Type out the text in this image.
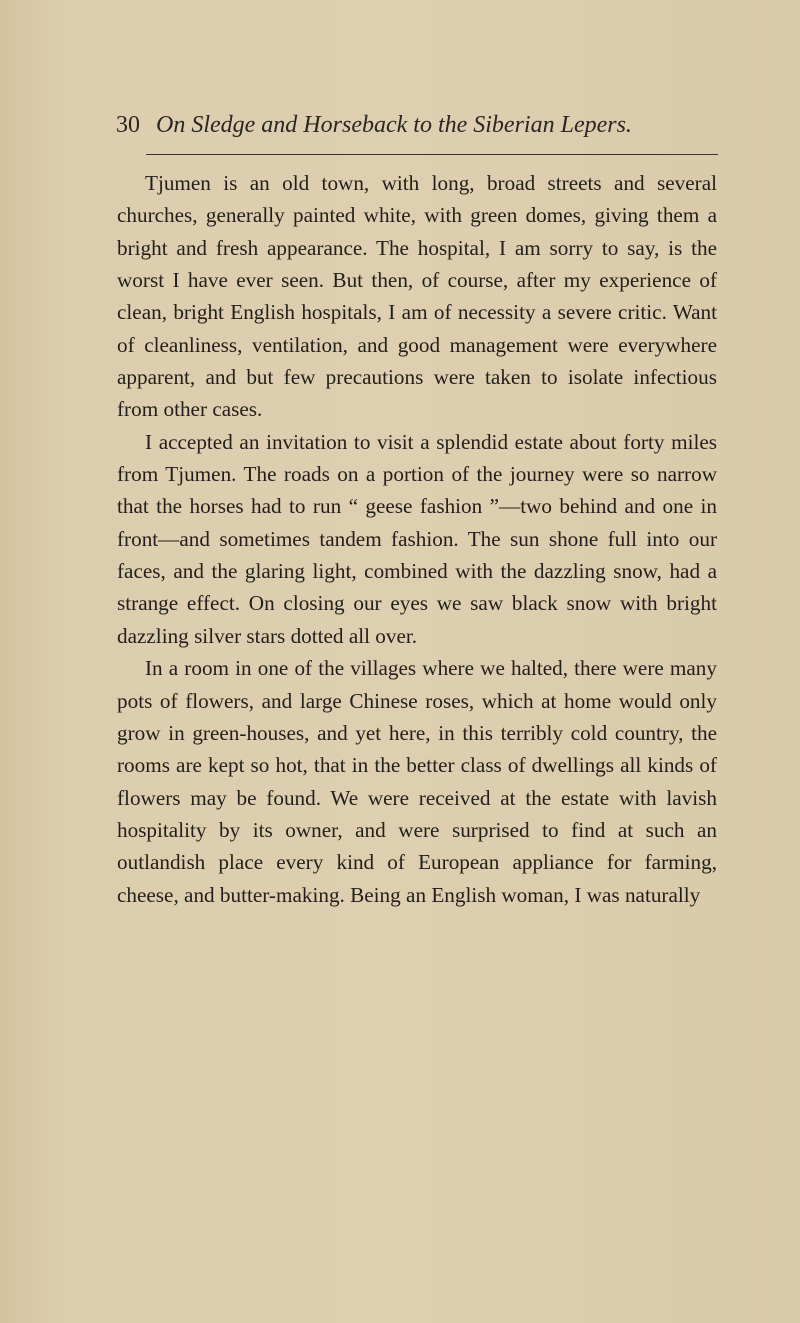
30 On Sledge and Horseback to the Siberian Lepers.

Tjumen is an old town, with long, broad streets and several churches, generally painted white, with green domes, giving them a bright and fresh appearance. The hospital, I am sorry to say, is the worst I have ever seen. But then, of course, after my experience of clean, bright English hospitals, I am of necessity a severe critic. Want of cleanliness, ventilation, and good management were everywhere apparent, and but few precautions were taken to isolate infectious from other cases.

I accepted an invitation to visit a splendid estate about forty miles from Tjumen. The roads on a portion of the journey were so narrow that the horses had to run “ geese fashion ”—two behind and one in front—and sometimes tandem fashion. The sun shone full into our faces, and the glaring light, combined with the dazzling snow, had a strange effect. On closing our eyes we saw black snow with bright dazzling silver stars dotted all over.

In a room in one of the villages where we halted, there were many pots of flowers, and large Chinese roses, which at home would only grow in green-houses, and yet here, in this terribly cold country, the rooms are kept so hot, that in the better class of dwellings all kinds of flowers may be found. We were received at the estate with lavish hospitality by its owner, and were surprised to find at such an outlandish place every kind of European appliance for farming, cheese, and butter-making. Being an English woman, I was naturally
